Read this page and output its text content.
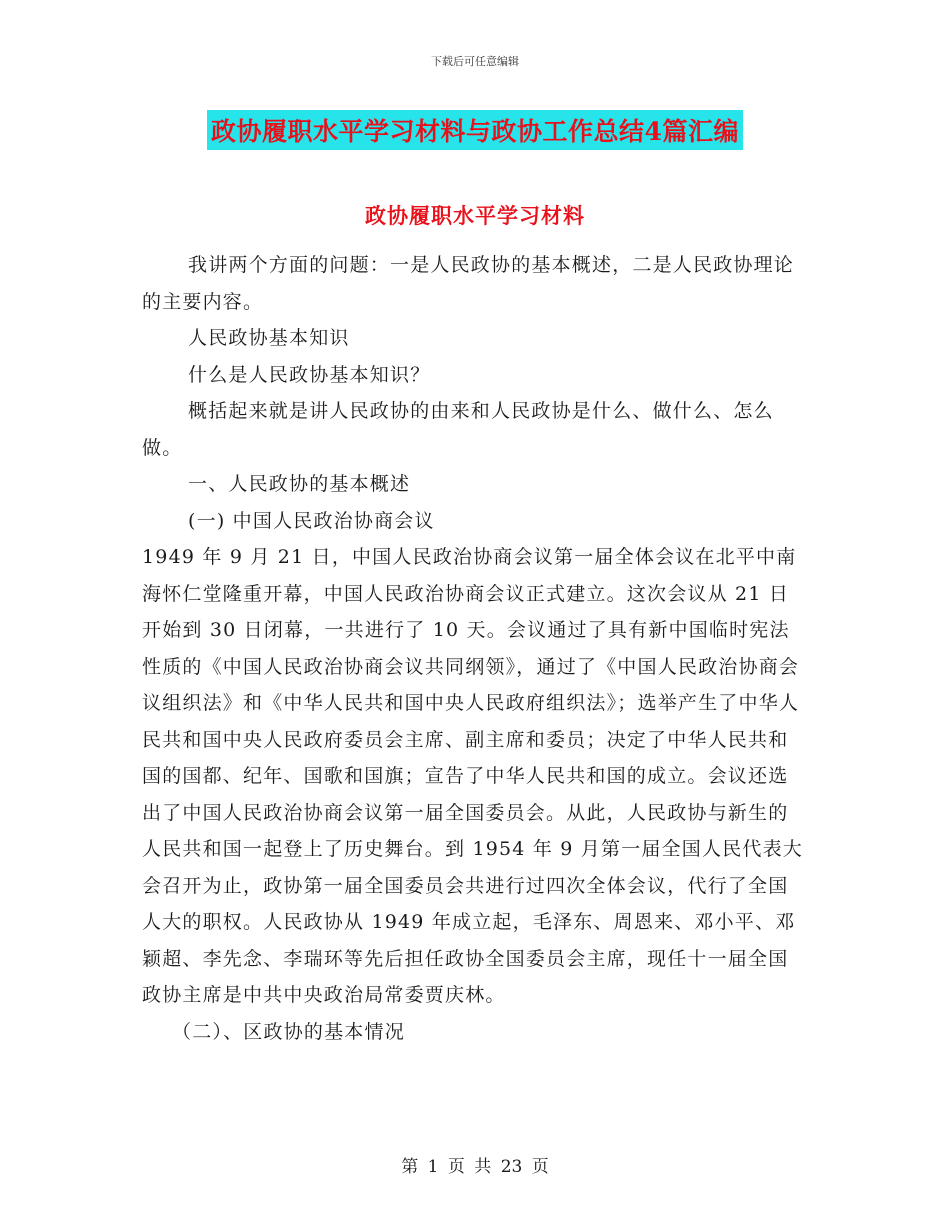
下载后可任意编辑
政协履职水平学习材料与政协工作总结4篇汇编
政协履职水平学习材料

我讲两个方面的问题：一是人民政协的基本概述，二是人民政协理论的主要内容。

人民政协基本知识

什么是人民政协基本知识？

概括起来就是讲人民政协的由来和人民政协是什么、做什么、怎么做。

一、人民政协的基本概述

(一) 中国人民政治协商会议

1949 年 9 月 21 日，中国人民政治协商会议第一届全体会议在北平中南海怀仁堂隆重开幕，中国人民政治协商会议正式建立。这次会议从 21 日开始到 30 日闭幕，一共进行了 10 天。会议通过了具有新中国临时宪法性质的《中国人民政治协商会议共同纲领》，通过了《中国人民政治协商会议组织法》和《中华人民共和国中央人民政府组织法》；选举产生了中华人民共和国中央人民政府委员会主席、副主席和委员；决定了中华人民共和国的国都、纪年、国歌和国旗；宣告了中华人民共和国的成立。会议还选出了中国人民政治协商会议第一届全国委员会。从此，人民政协与新生的人民共和国一起登上了历史舞台。到 1954 年 9 月第一届全国人民代表大会召开为止，政协第一届全国委员会共进行过四次全体会议，代行了全国人大的职权。人民政协从 1949 年成立起，毛泽东、周恩来、邓小平、邓颖超、李先念、李瑞环等先后担任政协全国委员会主席，现任十一届全国政协主席是中共中央政治局常委贾庆林。

（二）、区政协的基本情况

第 1 页 共 23 页
